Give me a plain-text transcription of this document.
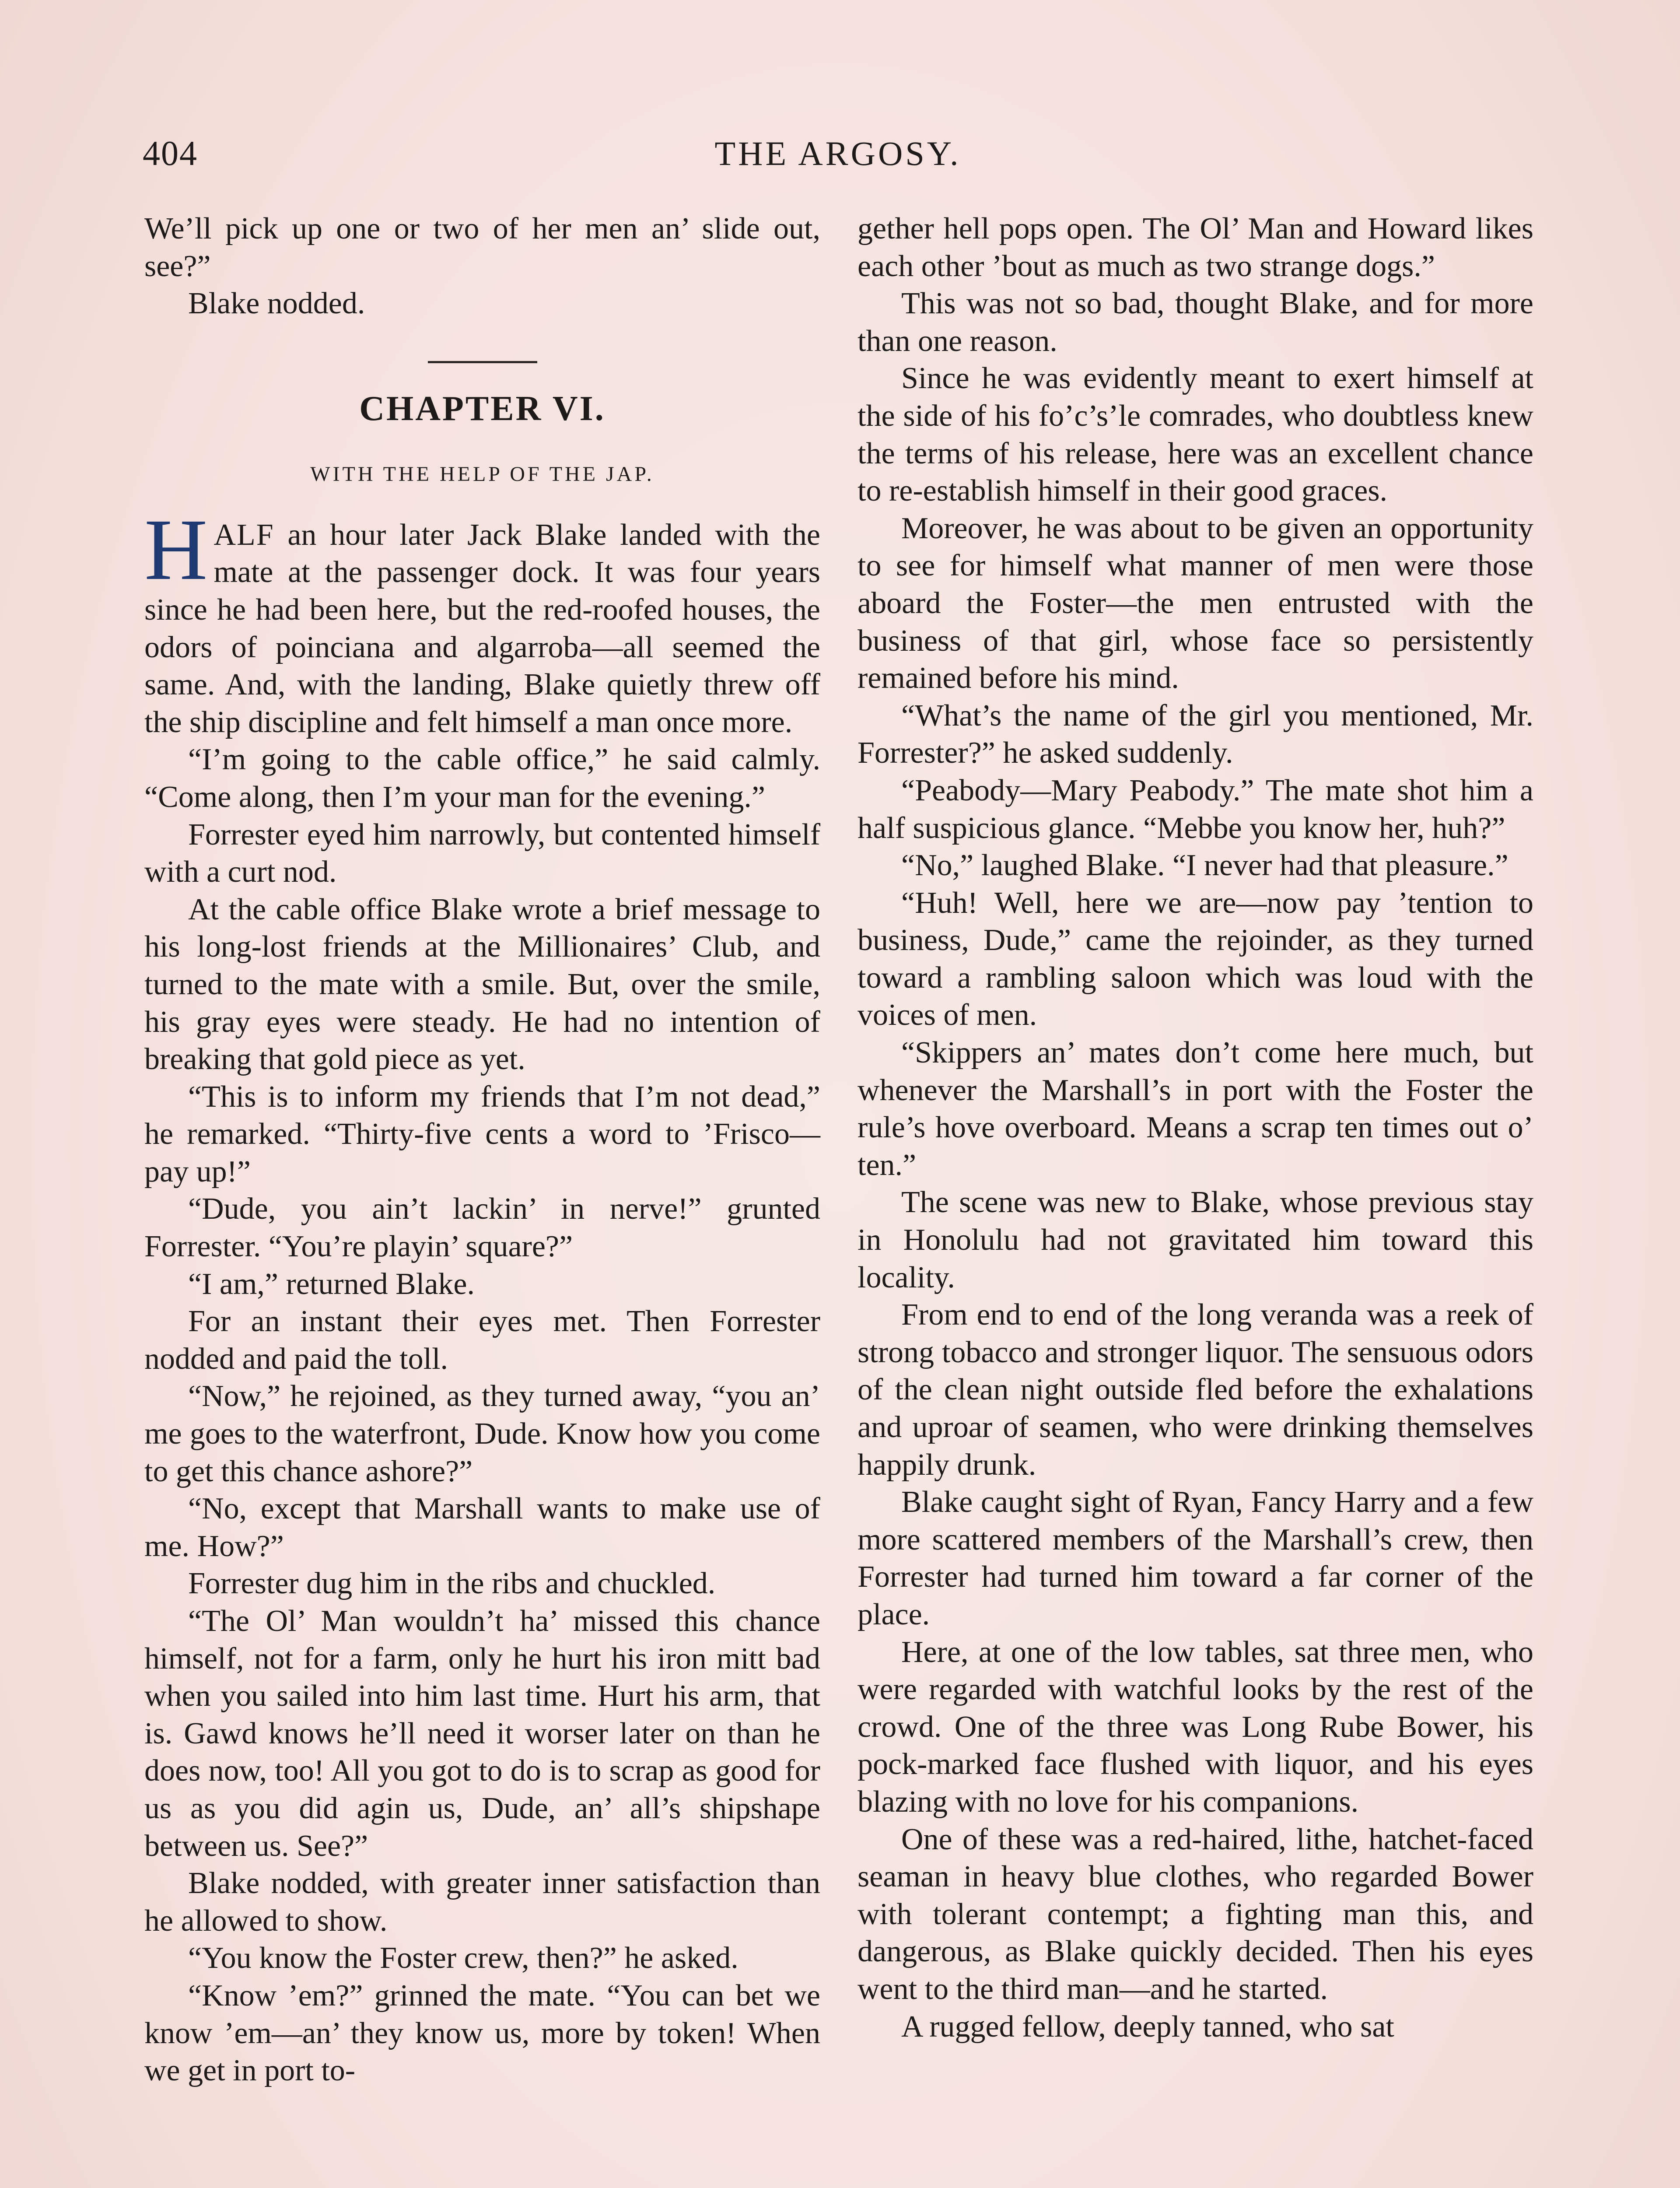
404	THE ARGOSY.

We’ll pick up one or two of her men an’ slide out, see?”

Blake nodded.

CHAPTER VI.
WITH THE HELP OF THE JAP.

HALF an hour later Jack Blake landed with the mate at the passenger dock. It was four years since he had been here, but the red-roofed houses, the odors of poinciana and algarroba—all seemed the same. And, with the landing, Blake quietly threw off the ship discipline and felt himself a man once more.

“I’m going to the cable office,” he said calmly. “Come along, then I’m your man for the evening.”

Forrester eyed him narrowly, but contented himself with a curt nod.

At the cable office Blake wrote a brief message to his long-lost friends at the Millionaires’ Club, and turned to the mate with a smile. But, over the smile, his gray eyes were steady. He had no intention of breaking that gold piece as yet.

“This is to inform my friends that I’m not dead,” he remarked. “Thirty-five cents a word to ’Frisco—pay up!”

“Dude, you ain’t lackin’ in nerve!” grunted Forrester. “You’re playin’ square?”

“I am,” returned Blake.

For an instant their eyes met. Then Forrester nodded and paid the toll.

“Now,” he rejoined, as they turned away, “you an’ me goes to the waterfront, Dude. Know how you come to get this chance ashore?”

“No, except that Marshall wants to make use of me. How?”

Forrester dug him in the ribs and chuckled.

“The Ol’ Man wouldn’t ha’ missed this chance himself, not for a farm, only he hurt his iron mitt bad when you sailed into him last time. Hurt his arm, that is. Gawd knows he’ll need it worser later on than he does now, too! All you got to do is to scrap as good for us as you did agin us, Dude, an’ all’s shipshape between us. See?”

Blake nodded, with greater inner satisfaction than he allowed to show.

“You know the Foster crew, then?” he asked.

“Know ’em?” grinned the mate. “You can bet we know ’em—an’ they know us, more by token! When we get in port to-

gether hell pops open. The Ol’ Man and Howard likes each other ’bout as much as two strange dogs.”

This was not so bad, thought Blake, and for more than one reason.

Since he was evidently meant to exert himself at the side of his fo’c’s’le comrades, who doubtless knew the terms of his release, here was an excellent chance to re-establish himself in their good graces.

Moreover, he was about to be given an opportunity to see for himself what manner of men were those aboard the Foster—the men entrusted with the business of that girl, whose face so persistently remained before his mind.

“What’s the name of the girl you mentioned, Mr. Forrester?” he asked suddenly.

“Peabody—Mary Peabody.” The mate shot him a half suspicious glance. “Mebbe you know her, huh?”

“No,” laughed Blake. “I never had that pleasure.”

“Huh! Well, here we are—now pay ’tention to business, Dude,” came the rejoinder, as they turned toward a rambling saloon which was loud with the voices of men.

“Skippers an’ mates don’t come here much, but whenever the Marshall’s in port with the Foster the rule’s hove overboard. Means a scrap ten times out o’ ten.”

The scene was new to Blake, whose previous stay in Honolulu had not gravitated him toward this locality.

From end to end of the long veranda was a reek of strong tobacco and stronger liquor. The sensuous odors of the clean night outside fled before the exhalations and uproar of seamen, who were drinking themselves happily drunk.

Blake caught sight of Ryan, Fancy Harry and a few more scattered members of the Marshall’s crew, then Forrester had turned him toward a far corner of the place.

Here, at one of the low tables, sat three men, who were regarded with watchful looks by the rest of the crowd. One of the three was Long Rube Bower, his pock-marked face flushed with liquor, and his eyes blazing with no love for his companions.

One of these was a red-haired, lithe, hatchet-faced seaman in heavy blue clothes, who regarded Bower with tolerant contempt; a fighting man this, and dangerous, as Blake quickly decided. Then his eyes went to the third man—and he started.

A rugged fellow, deeply tanned, who sat
